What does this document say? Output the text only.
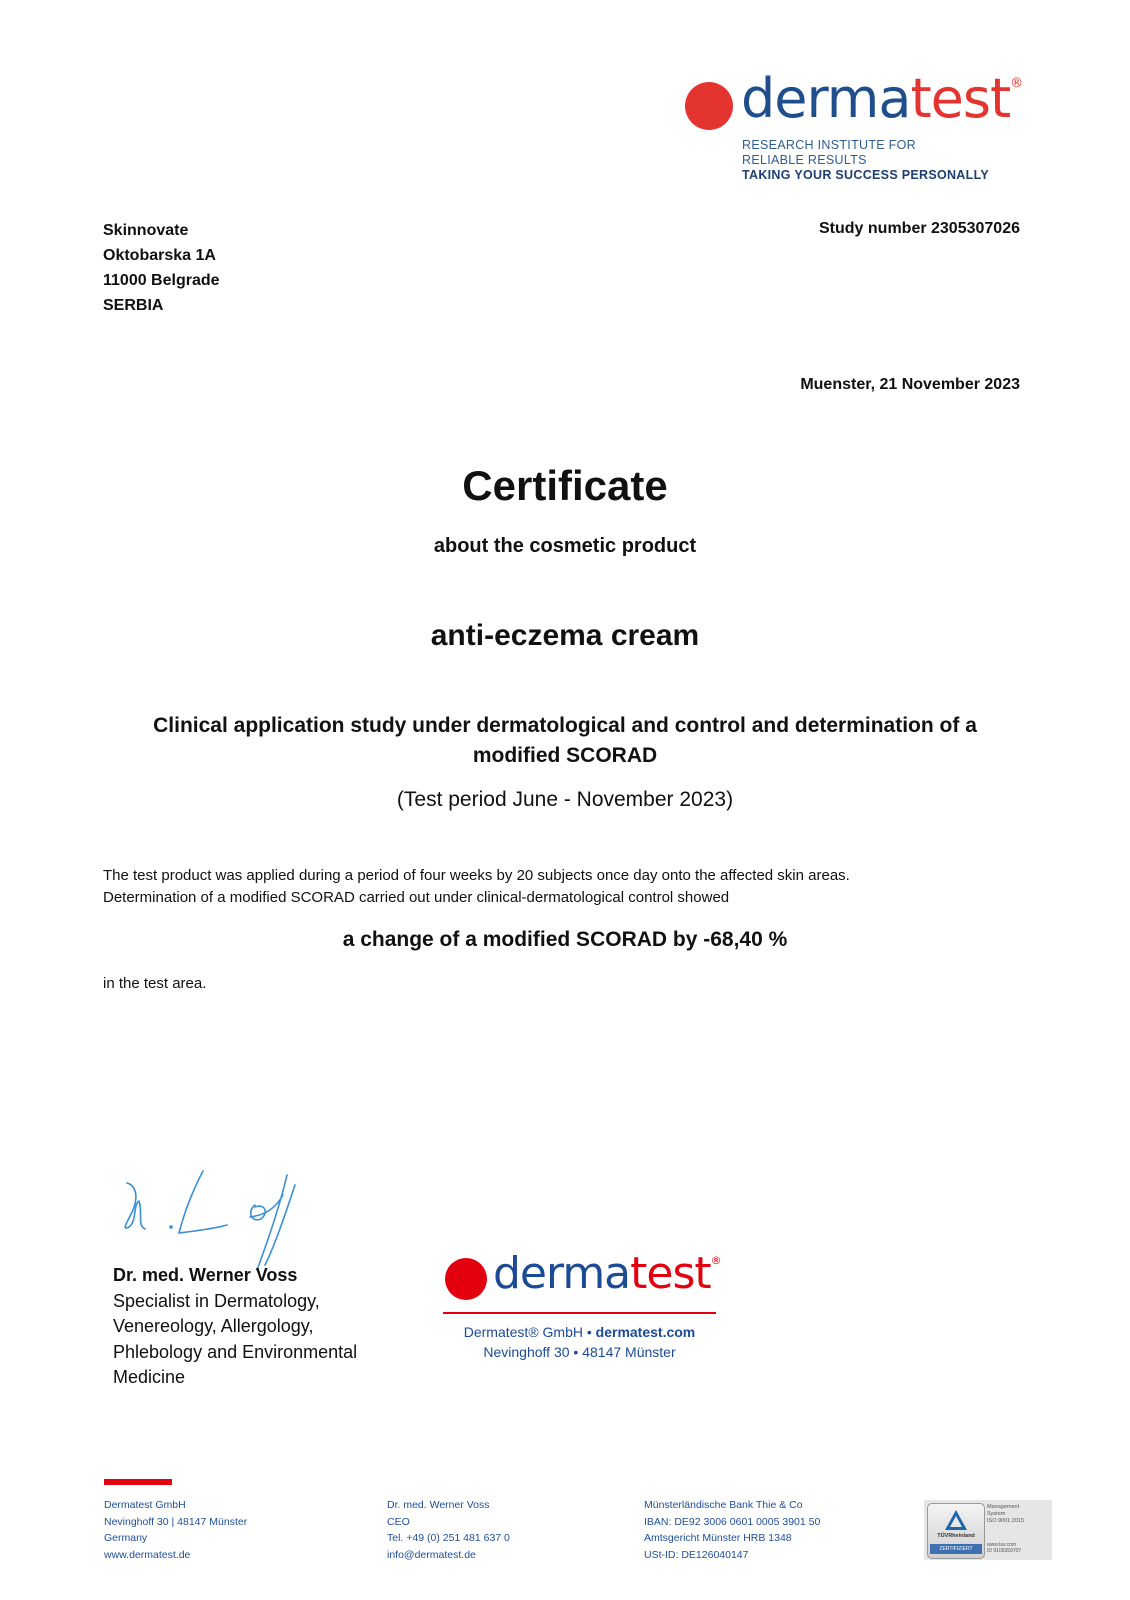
dermatest®
RESEARCH INSTITUTE FOR
RELIABLE RESULTS
TAKING YOUR SUCCESS PERSONALLY
Skinnovate
Oktobarska 1A
11000 Belgrade
SERBIA
Study number 2305307026
Muenster, 21 November 2023
Certificate
about the cosmetic product
anti-eczema cream
Clinical application study under dermatological and control and determination of a
modified SCORAD
(Test period June - November 2023)
The test product was applied during a period of four weeks by 20 subjects once day onto the affected skin areas.
Determination of a modified SCORAD carried out under clinical-dermatological control showed
a change of a modified SCORAD by -68,40 %
in the test area.
Dr. med. Werner Voss
Specialist in Dermatology,
Venereology, Allergology,
Phlebology and Environmental
Medicine
dermatest®
Dermatest® GmbH • dermatest.com
Nevinghoff 30 • 48147 Münster
Dermatest GmbH
Nevinghoff 30 | 48147 Münster
Germany
www.dermatest.de
Dr. med. Werner Voss
CEO
Tel. +49 (0) 251 481 637 0
info@dermatest.de
Münsterländische Bank Thie & Co
IBAN: DE92 3006 0601 0005 3901 50
Amtsgericht Münster HRB 1348
USt-ID: DE126040147
TÜVRheinland
ZERTIFIZIERT
Management
System
ISO 9001:2015
www.tuv.com
ID 9105059707
